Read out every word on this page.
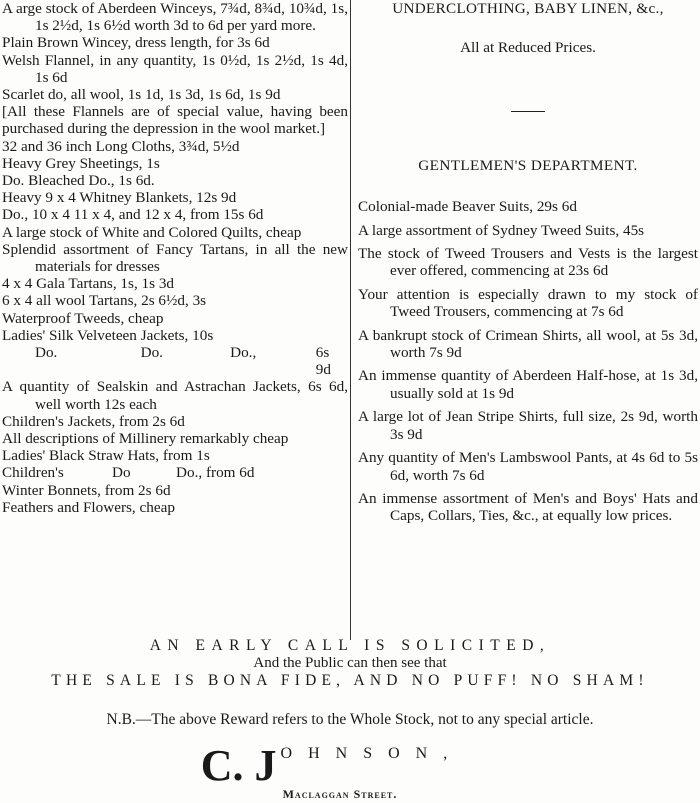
A arge stock of Aberdeen Winceys, 7¾d, 8¾d, 10¾d, 1s, 1s 2½d, 1s 6½d worth 3d to 6d per yard more.

Plain Brown Wincey, dress length, for 3s 6d

Welsh Flannel, in any quantity, 1s 0½d, 1s 2½d, 1s 4d, 1s 6d

Scarlet do, all wool, 1s 1d, 1s 3d, 1s 6d, 1s 9d

[All these Flannels are of special value, having been purchased during the depression in the wool market.]

32 and 36 inch Long Cloths, 3¾d, 5½d

Heavy Grey Sheetings, 1s

Do. Bleached Do., 1s 6d.

Heavy 9 x 4 Whitney Blankets, 12s 9d

Do., 10 x 4 11 x 4, and 12 x 4, from 15s 6d

A large stock of White and Colored Quilts, cheap

Splendid assortment of Fancy Tartans, in all the new materials for dresses

4 x 4 Gala Tartans, 1s, 1s 3d

6 x 4 all wool Tartans, 2s 6½d, 3s

Waterproof Tweeds, cheap

Ladies' Silk Velveteen Jackets, 10s

Do.	Do.	Do.,	6s 9d

A quantity of Sealskin and Astrachan Jackets, 6s 6d, well worth 12s each

Children's Jackets, from 2s 6d

All descriptions of Millinery remarkably cheap

Ladies' Black Straw Hats, from 1s

Children's	Do	Do., from 6d

Winter Bonnets, from 2s 6d

Feathers and Flowers, cheap

UNDERCLOTHING, BABY LINEN, &c.,

All at Reduced Prices.

GENTLEMEN'S DEPARTMENT.

Colonial-made Beaver Suits, 29s 6d

A large assortment of Sydney Tweed Suits, 45s

The stock of Tweed Trousers and Vests is the largest ever offered, commencing at 23s 6d

Your attention is especially drawn to my stock of Tweed Trousers, commencing at 7s 6d

A bankrupt stock of Crimean Shirts, all wool, at 5s 3d, worth 7s 9d

An immense quantity of Aberdeen Half-hose, at 1s 3d, usually sold at 1s 9d

A large lot of Jean Stripe Shirts, full size, 2s 9d, worth 3s 9d

Any quantity of Men's Lambswool Pants, at 4s 6d to 5s 6d, worth 7s 6d

An immense assortment of Men's and Boys' Hats and Caps, Collars, Ties, &c., at equally low prices.

AN EARLY CALL IS SOLICITED,
And the Public can then see that
THE SALE IS BONA FIDE, AND NO PUFF! NO SHAM!
N.B.—The above Reward refers to the Whole Stock, not to any special article.
C. J OHNSON,
Maclaggan Street.
